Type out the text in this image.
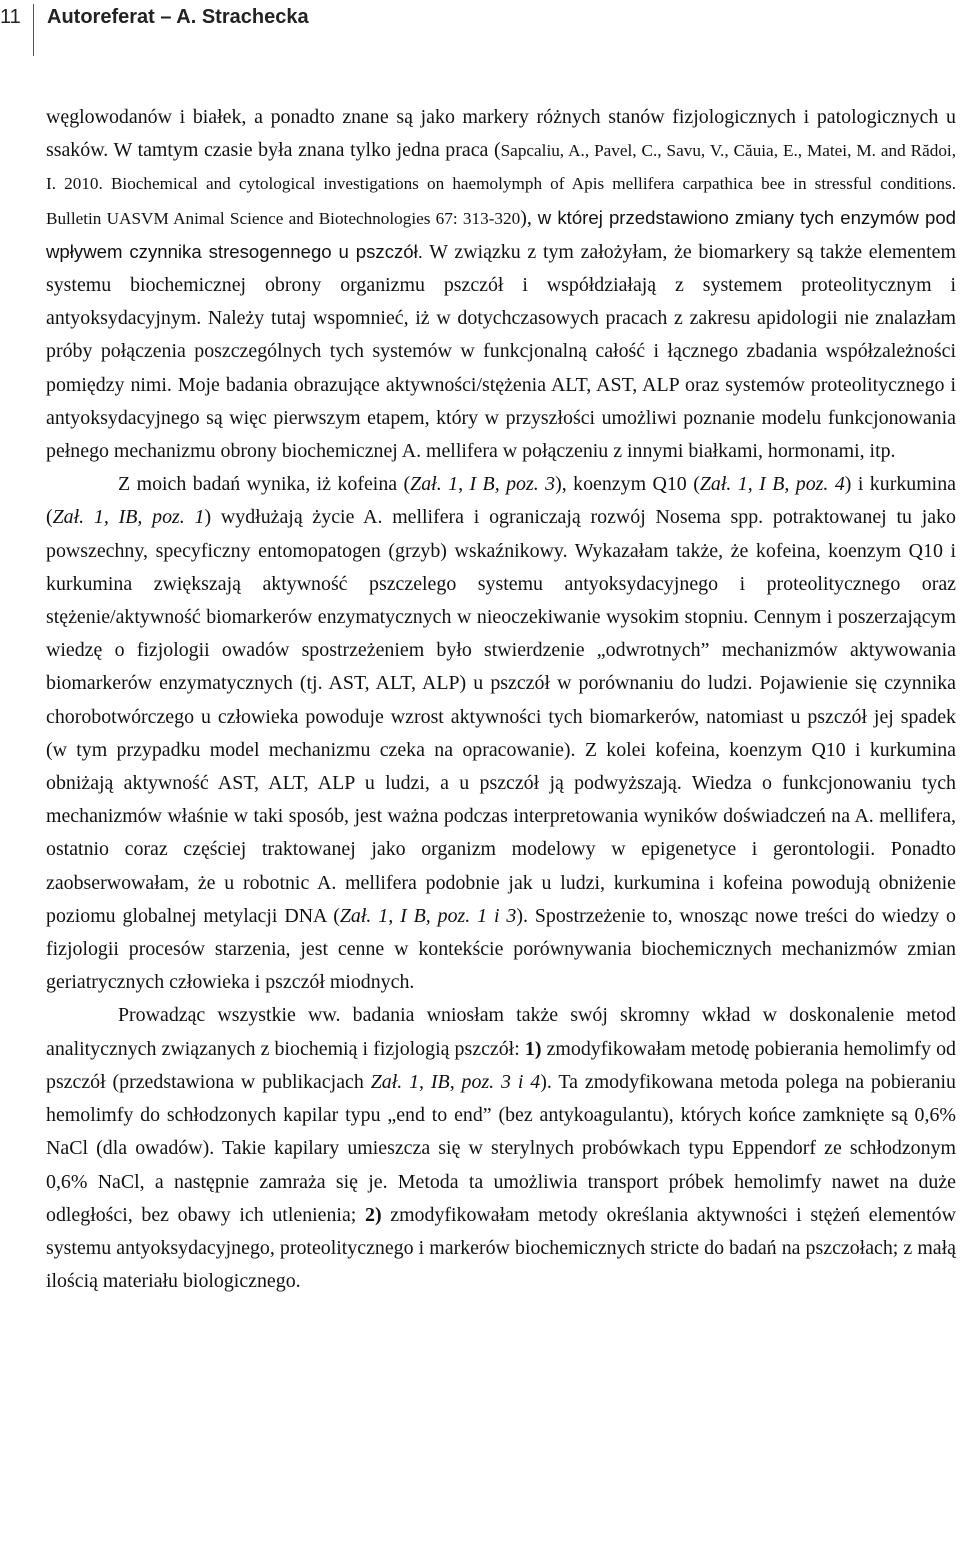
11 Autoreferat – A. Strachecka

węglowodanów i białek, a ponadto znane są jako markery różnych stanów fizjologicznych i patologicznych u ssaków. W tamtym czasie była znana tylko jedna praca (Sapcaliu, A., Pavel, C., Savu, V., Căuia, E., Matei, M. and Rădoi, I. 2010. Biochemical and cytological investigations on haemolymph of Apis mellifera carpathica bee in stressful conditions. Bulletin UASVM Animal Science and Biotechnologies 67: 313-320), w której przedstawiono zmiany tych enzymów pod wpływem czynnika stresogennego u pszczół. W związku z tym założyłam, że biomarkery są także elementem systemu biochemicznej obrony organizmu pszczół i współdziałają z systemem proteolitycznym i antyoksydacyjnym. Należy tutaj wspomnieć, iż w dotychczasowych pracach z zakresu apidologii nie znalazłam próby połączenia poszczególnych tych systemów w funkcjonalną całość i łącznego zbadania współzależności pomiędzy nimi. Moje badania obrazujące aktywności/stężenia ALT, AST, ALP oraz systemów proteolitycznego i antyoksydacyjnego są więc pierwszym etapem, który w przyszłości umożliwi poznanie modelu funkcjonowania pełnego mechanizmu obrony biochemicznej A. mellifera w połączeniu z innymi białkami, hormonami, itp.

Z moich badań wynika, iż kofeina (Zał. 1, I B, poz. 3), koenzym Q10 (Zał. 1, I B, poz. 4) i kurkumina (Zał. 1, IB, poz. 1) wydłużają życie A. mellifera i ograniczają rozwój Nosema spp. potraktowanej tu jako powszechny, specyficzny entomopatogen (grzyb) wskaźnikowy. Wykazałam także, że kofeina, koenzym Q10 i kurkumina zwiększają aktywność pszczelego systemu antyoksydacyjnego i proteolitycznego oraz stężenie/aktywność biomarkerów enzymatycznych w nieoczekiwanie wysokim stopniu. Cennym i poszerzającym wiedzę o fizjologii owadów spostrzeżeniem było stwierdzenie „odwrotnych” mechanizmów aktywowania biomarkerów enzymatycznych (tj. AST, ALT, ALP) u pszczół w porównaniu do ludzi. Pojawienie się czynnika chorobotwórczego u człowieka powoduje wzrost aktywności tych biomarkerów, natomiast u pszczół jej spadek (w tym przypadku model mechanizmu czeka na opracowanie). Z kolei kofeina, koenzym Q10 i kurkumina obniżają aktywność AST, ALT, ALP u ludzi, a u pszczół ją podwyższają. Wiedza o funkcjonowaniu tych mechanizmów właśnie w taki sposób, jest ważna podczas interpretowania wyników doświadczeń na A. mellifera, ostatnio coraz częściej traktowanej jako organizm modelowy w epigenetyce i gerontologii. Ponadto zaobserwowałam, że u robotnic A. mellifera podobnie jak u ludzi, kurkumina i kofeina powodują obniżenie poziomu globalnej metylacji DNA (Zał. 1, I B, poz. 1 i 3). Spostrzeżenie to, wnosząc nowe treści do wiedzy o fizjologii procesów starzenia, jest cenne w kontekście porównywania biochemicznych mechanizmów zmian geriatrycznych człowieka i pszczół miodnych.

Prowadząc wszystkie ww. badania wniosłam także swój skromny wkład w doskonalenie metod analitycznych związanych z biochemią i fizjologią pszczół: 1) zmodyfikowałam metodę pobierania hemolimfy od pszczół (przedstawiona w publikacjach Zał. 1, IB, poz. 3 i 4). Ta zmodyfikowana metoda polega na pobieraniu hemolimfy do schłodzonych kapilar typu „end to end” (bez antykoagulantu), których końce zamknięte są 0,6% NaCl (dla owadów). Takie kapilary umieszcza się w sterylnych probówkach typu Eppendorf ze schłodzonym 0,6% NaCl, a następnie zamraża się je. Metoda ta umożliwia transport próbek hemolimfy nawet na duże odległości, bez obawy ich utlenienia; 2) zmodyfikowałam metody określania aktywności i stężeń elementów systemu antyoksydacyjnego, proteolitycznego i markerów biochemicznych stricte do badań na pszczołach; z małą ilością materiału biologicznego.
